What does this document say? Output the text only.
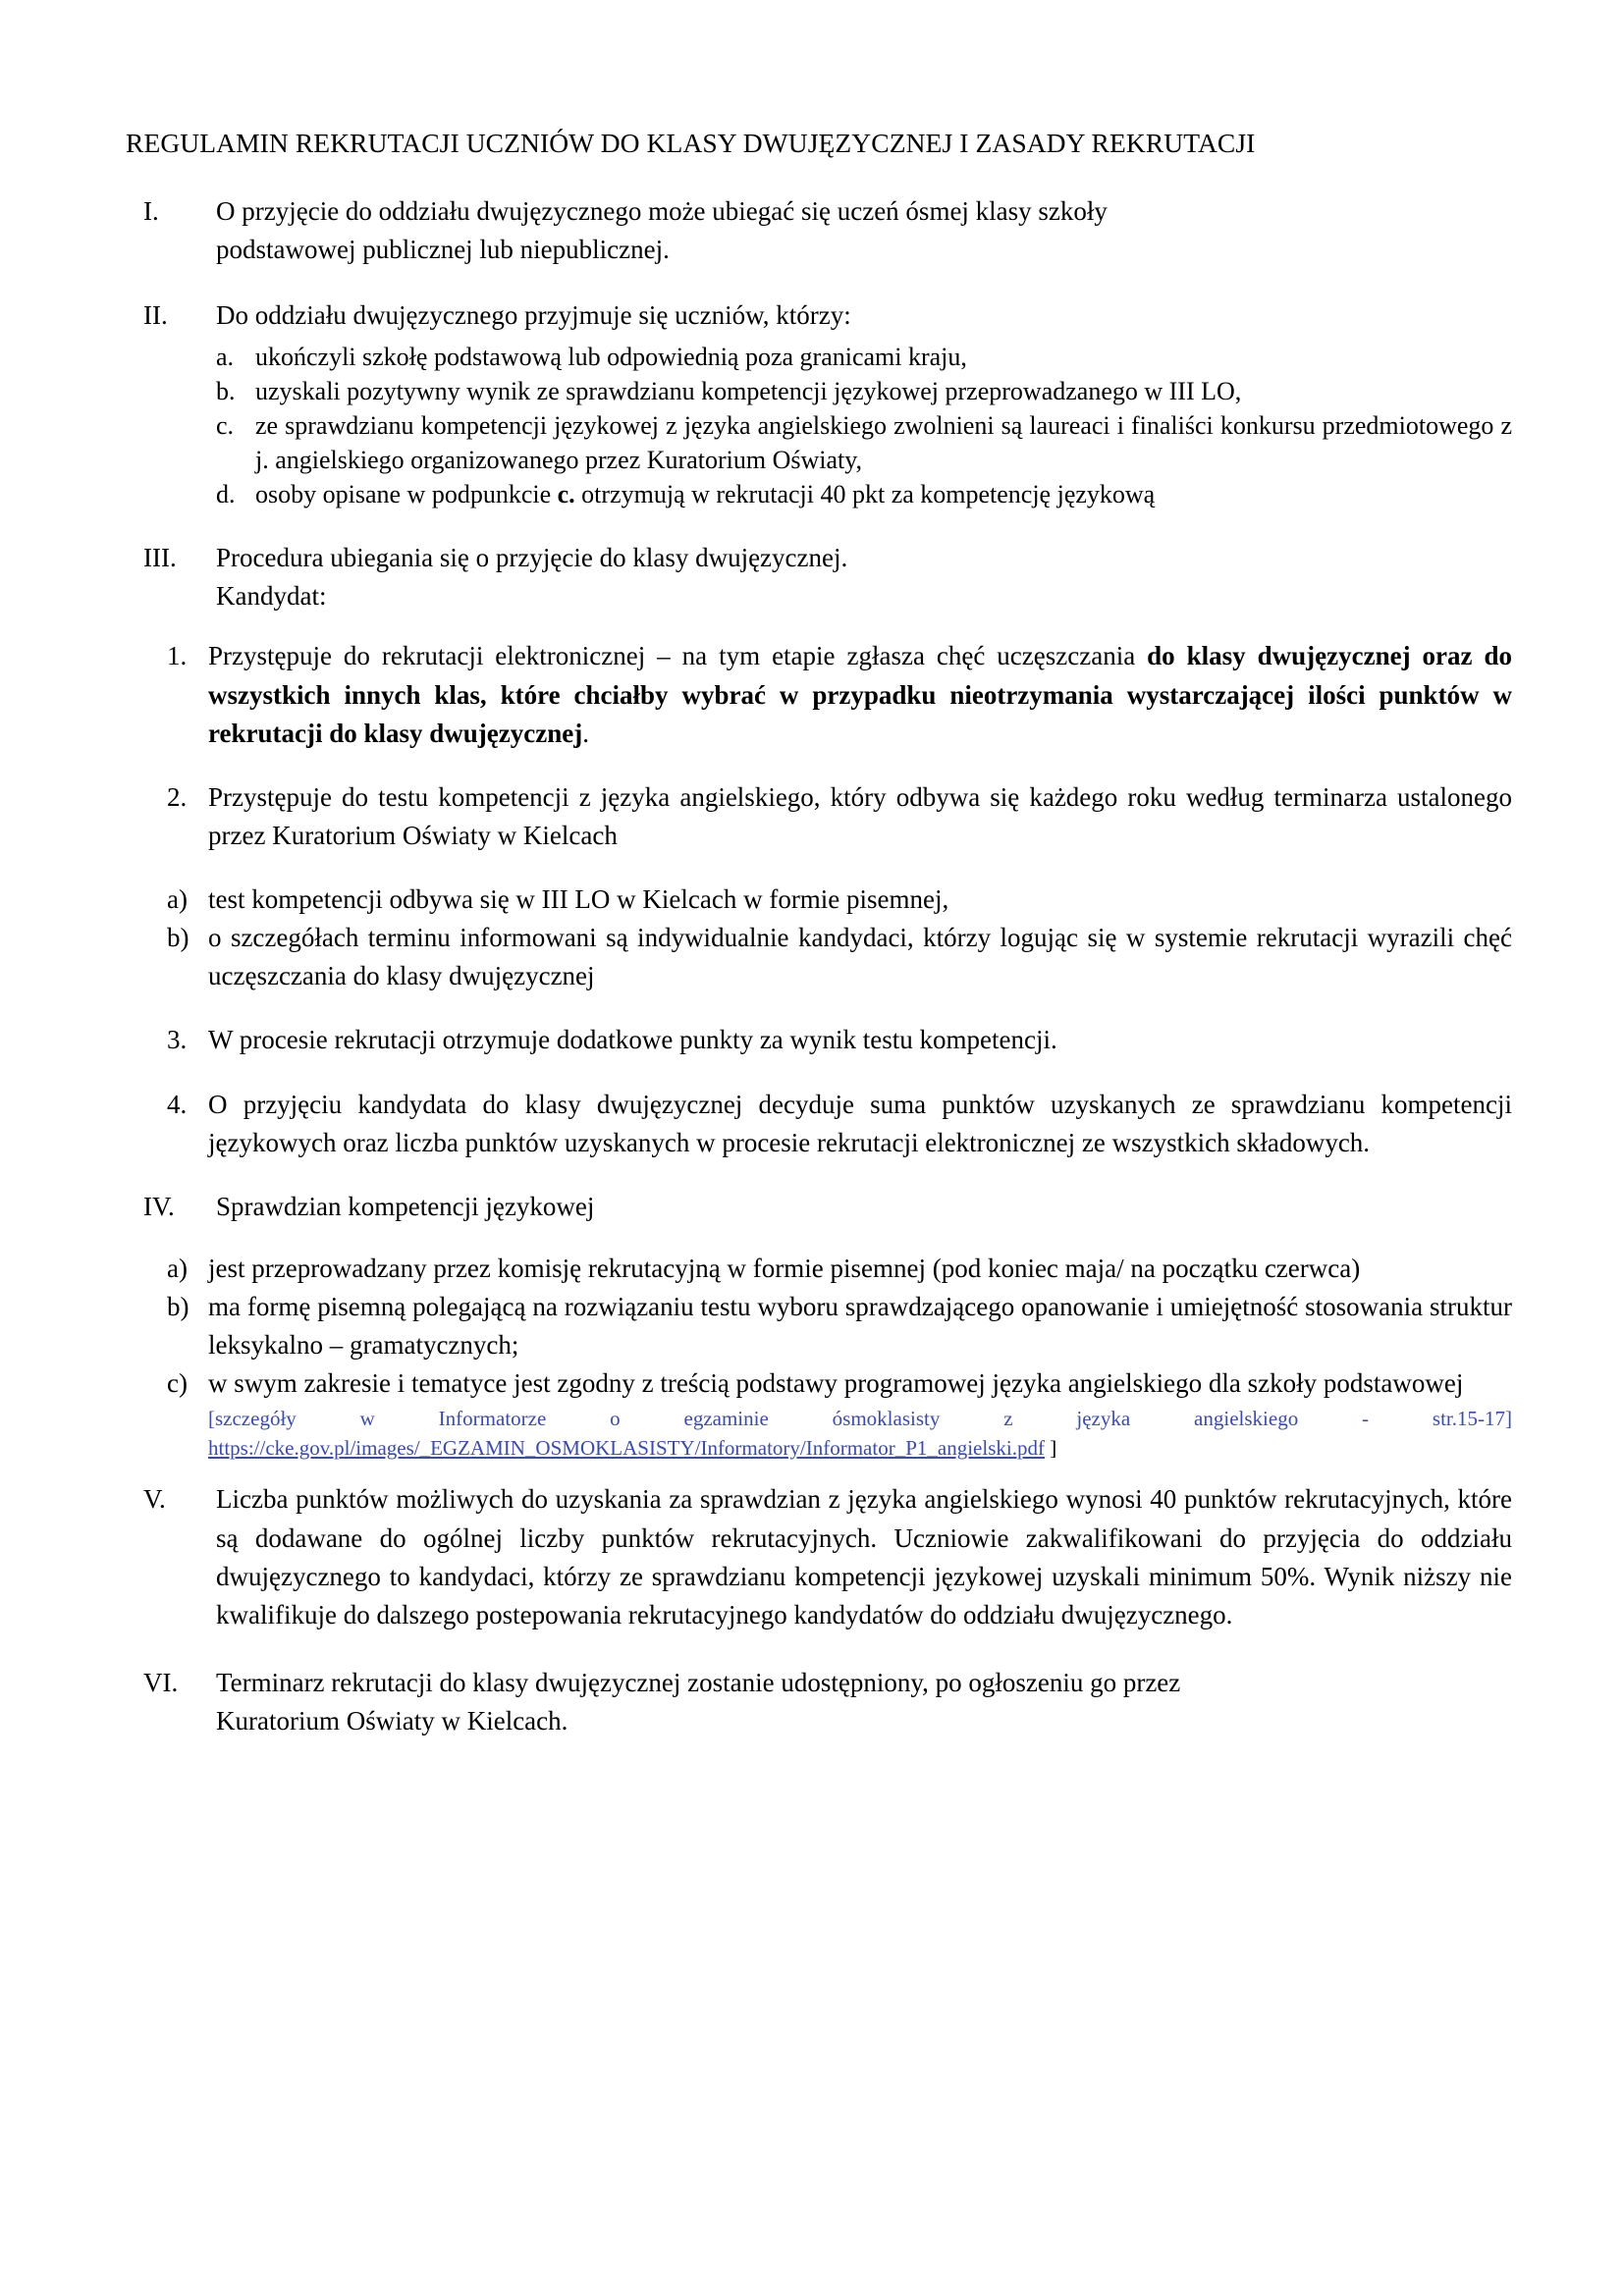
REGULAMIN REKRUTACJI UCZNIÓW DO KLASY DWUJĘZYCZNEJ I ZASADY REKRUTACJI
I.	O przyjęcie do oddziału dwujęzycznego może ubiegać się uczeń ósmej klasy szkoły
podstawowej publicznej lub niepublicznej.
II.	Do oddziału dwujęzycznego przyjmuje się uczniów, którzy:
a. ukończyli szkołę podstawową lub odpowiednią poza granicami kraju,
b. uzyskali pozytywny wynik ze sprawdzianu kompetencji językowej przeprowadzanego w III LO,
c. ze sprawdzianu kompetencji językowej z języka angielskiego zwolnieni są laureaci i finaliści konkursu przedmiotowego z j. angielskiego organizowanego przez Kuratorium Oświaty,
d. osoby opisane w podpunkcie c. otrzymują w rekrutacji 40 pkt za kompetencję językową
III.	Procedura ubiegania się o przyjęcie do klasy dwujęzycznej.
Kandydat:
1. Przystępuje do rekrutacji elektronicznej – na tym etapie zgłasza chęć uczęszczania do klasy dwujęzycznej oraz do wszystkich innych klas, które chciałby wybrać w przypadku nieotrzymania wystarczającej ilości punktów w rekrutacji do klasy dwujęzycznej.
2. Przystępuje do testu kompetencji z języka angielskiego, który odbywa się każdego roku według terminarza ustalonego przez Kuratorium Oświaty w Kielcach
a) test kompetencji odbywa się w III LO w Kielcach w formie pisemnej,
b) o szczegółach terminu informowani są indywidualnie kandydaci, którzy logując się w systemie rekrutacji wyrazili chęć uczęszczania do klasy dwujęzycznej
3. W procesie rekrutacji otrzymuje dodatkowe punkty za wynik testu kompetencji.
4. O przyjęciu kandydata do klasy dwujęzycznej decyduje suma punktów uzyskanych ze sprawdzianu kompetencji językowych oraz liczba punktów uzyskanych w procesie rekrutacji elektronicznej ze wszystkich składowych.
IV.	Sprawdzian kompetencji językowej
a) jest przeprowadzany przez komisję rekrutacyjną w formie pisemnej (pod koniec maja/ na początku czerwca)
b) ma formę pisemną polegającą na rozwiązaniu testu wyboru sprawdzającego opanowanie i umiejętność stosowania struktur leksykalno – gramatycznych;
c) w swym zakresie i tematyce jest zgodny z treścią podstawy programowej języka angielskiego dla szkoły podstawowej
[szczegóły w Informatorze o egzaminie ósmoklasisty z języka angielskiego - str.15-17]
https://cke.gov.pl/images/_EGZAMIN_OSMOKLASISTY/Informatory/Informator_P1_angielski.pdf ]
V.	Liczba punktów możliwych do uzyskania za sprawdzian z języka angielskiego wynosi 40 punktów rekrutacyjnych, które są dodawane do ogólnej liczby punktów rekrutacyjnych. Uczniowie zakwalifikowani do przyjęcia do oddziału dwujęzycznego to kandydaci, którzy ze sprawdzianu kompetencji językowej uzyskali minimum 50%. Wynik niższy nie kwalifikuje do dalszego postepowania rekrutacyjnego kandydatów do oddziału dwujęzycznego.
VI.	Terminarz rekrutacji do klasy dwujęzycznej zostanie udostępniony, po ogłoszeniu go przez
Kuratorium Oświaty w Kielcach.
